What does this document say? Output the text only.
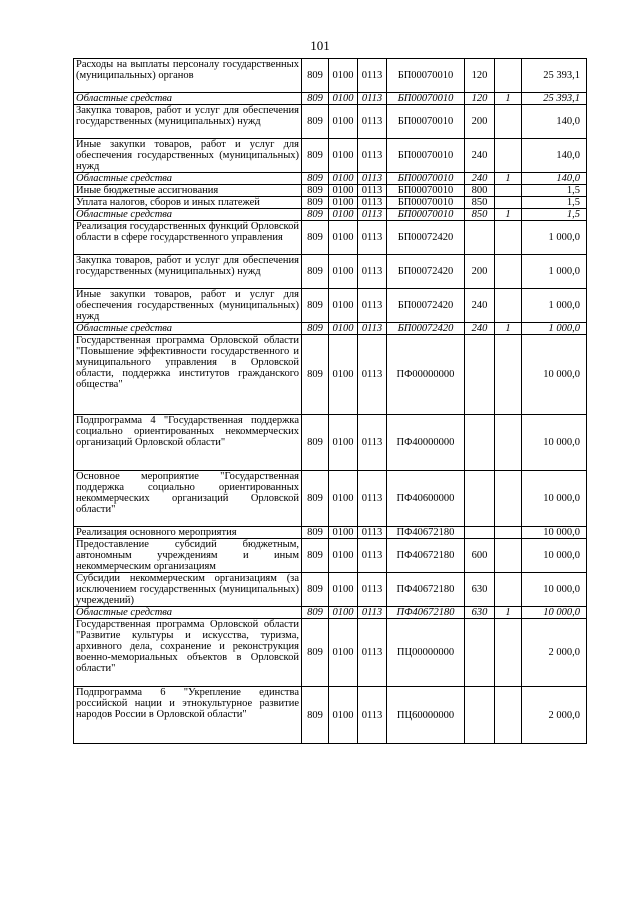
101
Расходы на выплаты персоналу государственных (муниципальных) органов	809	0100	0113	БП00070010	120		25 393,1
Областные средства	809	0100	0113	БП00070010	120	1	25 393,1
Закупка товаров, работ и услуг для обеспечения государственных (муниципальных) нужд	809	0100	0113	БП00070010	200		140,0
Иные закупки товаров, работ и услуг для обеспечения государственных (муниципальных) нужд	809	0100	0113	БП00070010	240		140,0
Областные средства	809	0100	0113	БП00070010	240	1	140,0
Иные бюджетные ассигнования	809	0100	0113	БП00070010	800		1,5
Уплата налогов, сборов и иных платежей	809	0100	0113	БП00070010	850		1,5
Областные средства	809	0100	0113	БП00070010	850	1	1,5
Реализация государственных функций Орловской области в сфере государственного управления	809	0100	0113	БП00072420			1 000,0
Закупка товаров, работ и услуг для обеспечения государственных (муниципальных) нужд	809	0100	0113	БП00072420	200		1 000,0
Иные закупки товаров, работ и услуг для обеспечения государственных (муниципальных) нужд	809	0100	0113	БП00072420	240		1 000,0
Областные средства	809	0100	0113	БП00072420	240	1	1 000,0
Государственная программа Орловской области "Повышение эффективности государственного и муниципального управления в Орловской области, поддержка институтов гражданского общества"	809	0100	0113	ПФ00000000			10 000,0
Подпрограмма 4 "Государственная поддержка социально ориентированных некоммерческих организаций Орловской области"	809	0100	0113	ПФ40000000			10 000,0
Основное мероприятие "Государственная поддержка социально ориентированных некоммерческих организаций Орловской области"	809	0100	0113	ПФ40600000			10 000,0
Реализация основного мероприятия	809	0100	0113	ПФ40672180			10 000,0
Предоставление субсидий бюджетным, автономным учреждениям и иным некоммерческим организациям	809	0100	0113	ПФ40672180	600		10 000,0
Субсидии некоммерческим организациям (за исключением государственных (муниципальных) учреждений)	809	0100	0113	ПФ40672180	630		10 000,0
Областные средства	809	0100	0113	ПФ40672180	630	1	10 000,0
Государственная программа Орловской области "Развитие культуры и искусства, туризма, архивного дела, сохранение и реконструкция военно-мемориальных объектов в Орловской области"	809	0100	0113	ПЦ00000000			2 000,0
Подпрограмма 6 "Укрепление единства российской нации и этнокультурное развитие народов России в Орловской области"	809	0100	0113	ПЦ60000000			2 000,0
